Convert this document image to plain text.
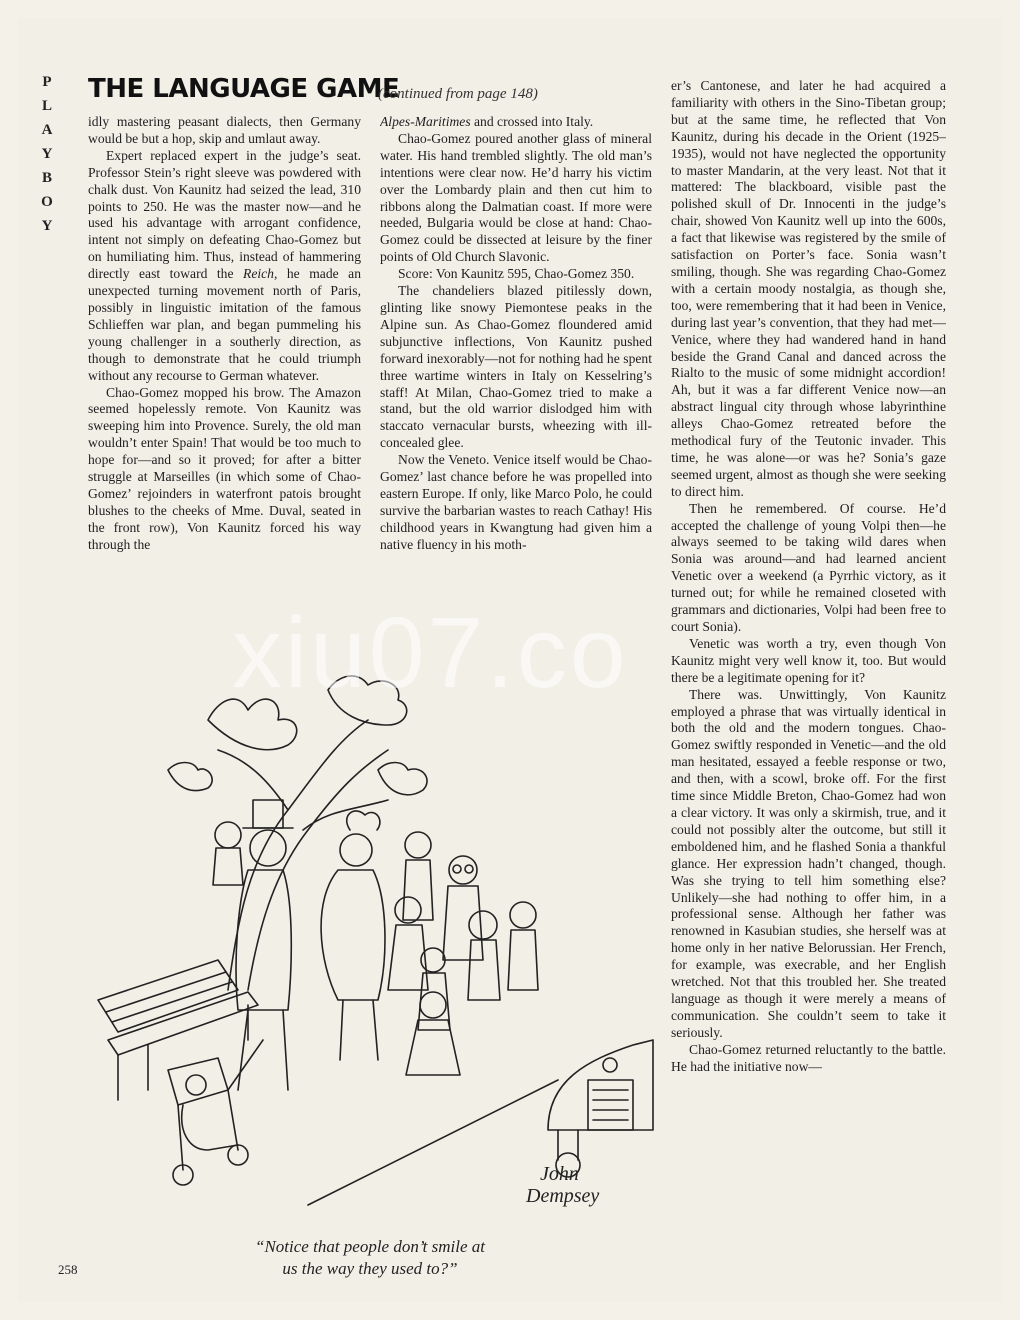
P
L
A
Y
B
O
Y
THE LANGUAGE GAME
(continued from page 148)

idly mastering peasant dialects, then Germany would be but a hop, skip and umlaut away.

Expert replaced expert in the judge’s seat. Professor Stein’s right sleeve was powdered with chalk dust. Von Kaunitz had seized the lead, 310 points to 250. He was the master now—and he used his advantage with arrogant confidence, intent not simply on defeating Chao-Gomez but on humiliating him. Thus, instead of hammering directly east toward the Reich, he made an unexpected turning movement north of Paris, possibly in linguistic imitation of the famous Schlieffen war plan, and began pummeling his young challenger in a southerly direction, as though to demonstrate that he could triumph without any recourse to German whatever.

Chao-Gomez mopped his brow. The Amazon seemed hopelessly remote. Von Kaunitz was sweeping him into Provence. Surely, the old man wouldn’t enter Spain! That would be too much to hope for—and so it proved; for after a bitter struggle at Marseilles (in which some of Chao-Gomez’ rejoinders in waterfront patois brought blushes to the cheeks of Mme. Duval, seated in the front row), Von Kaunitz forced his way through the

Alpes-Maritimes and crossed into Italy.

Chao-Gomez poured another glass of mineral water. His hand trembled slightly. The old man’s intentions were clear now. He’d harry his victim over the Lombardy plain and then cut him to ribbons along the Dalmatian coast. If more were needed, Bulgaria would be close at hand: Chao-Gomez could be dissected at leisure by the finer points of Old Church Slavonic.

Score: Von Kaunitz 595, Chao-Gomez 350.

The chandeliers blazed pitilessly down, glinting like snowy Piemontese peaks in the Alpine sun. As Chao-Gomez floundered amid subjunctive inflections, Von Kaunitz pushed forward inexorably—not for nothing had he spent three wartime winters in Italy on Kesselring’s staff! At Milan, Chao-Gomez tried to make a stand, but the old warrior dislodged him with staccato vernacular bursts, wheezing with ill-concealed glee.

Now the Veneto. Venice itself would be Chao-Gomez’ last chance before he was propelled into eastern Europe. If only, like Marco Polo, he could survive the barbarian wastes to reach Cathay! His childhood years in Kwangtung had given him a native fluency in his moth-

er’s Cantonese, and later he had acquired a familiarity with others in the Sino-Tibetan group; but at the same time, he reflected that Von Kaunitz, during his decade in the Orient (1925–1935), would not have neglected the opportunity to master Mandarin, at the very least. Not that it mattered: The blackboard, visible past the polished skull of Dr. Innocenti in the judge’s chair, showed Von Kaunitz well up into the 600s, a fact that likewise was registered by the smile of satisfaction on Porter’s face. Sonia wasn’t smiling, though. She was regarding Chao-Gomez with a certain moody nostalgia, as though she, too, were remembering that it had been in Venice, during last year’s convention, that they had met—Venice, where they had wandered hand in hand beside the Grand Canal and danced across the Rialto to the music of some midnight accordion! Ah, but it was a far different Venice now—an abstract lingual city through whose labyrinthine alleys Chao-Gomez retreated before the methodical fury of the Teutonic invader. This time, he was alone—or was he? Sonia’s gaze seemed urgent, almost as though she were seeking to direct him.

Then he remembered. Of course. He’d accepted the challenge of young Volpi then—he always seemed to be taking wild dares when Sonia was around—and had learned ancient Venetic over a weekend (a Pyrrhic victory, as it turned out; for while he remained closeted with grammars and dictionaries, Volpi had been free to court Sonia).

Venetic was worth a try, even though Von Kaunitz might very well know it, too. But would there be a legitimate opening for it?

There was. Unwittingly, Von Kaunitz employed a phrase that was virtually identical in both the old and the modern tongues. Chao-Gomez swiftly responded in Venetic—and the old man hesitated, essayed a feeble response or two, and then, with a scowl, broke off. For the first time since Middle Breton, Chao-Gomez had won a clear victory. It was only a skirmish, true, and it could not possibly alter the outcome, but still it emboldened him, and he flashed Sonia a thankful glance. Her expression hadn’t changed, though. Was she trying to tell him something else? Unlikely—she had nothing to offer him, in a professional sense. Although her father was renowned in Kasubian studies, she herself was at home only in her native Belorussian. Her French, for example, was execrable, and her English wretched. Not that this troubled her. She treated language as though it were merely a means of communication. She couldn’t seem to take it seriously.

Chao-Gomez returned reluctantly to the battle. He had the initiative now—

John
Dempsey
“Notice that people don’t smile at
us the way they used to?”
258
xiu07.co
